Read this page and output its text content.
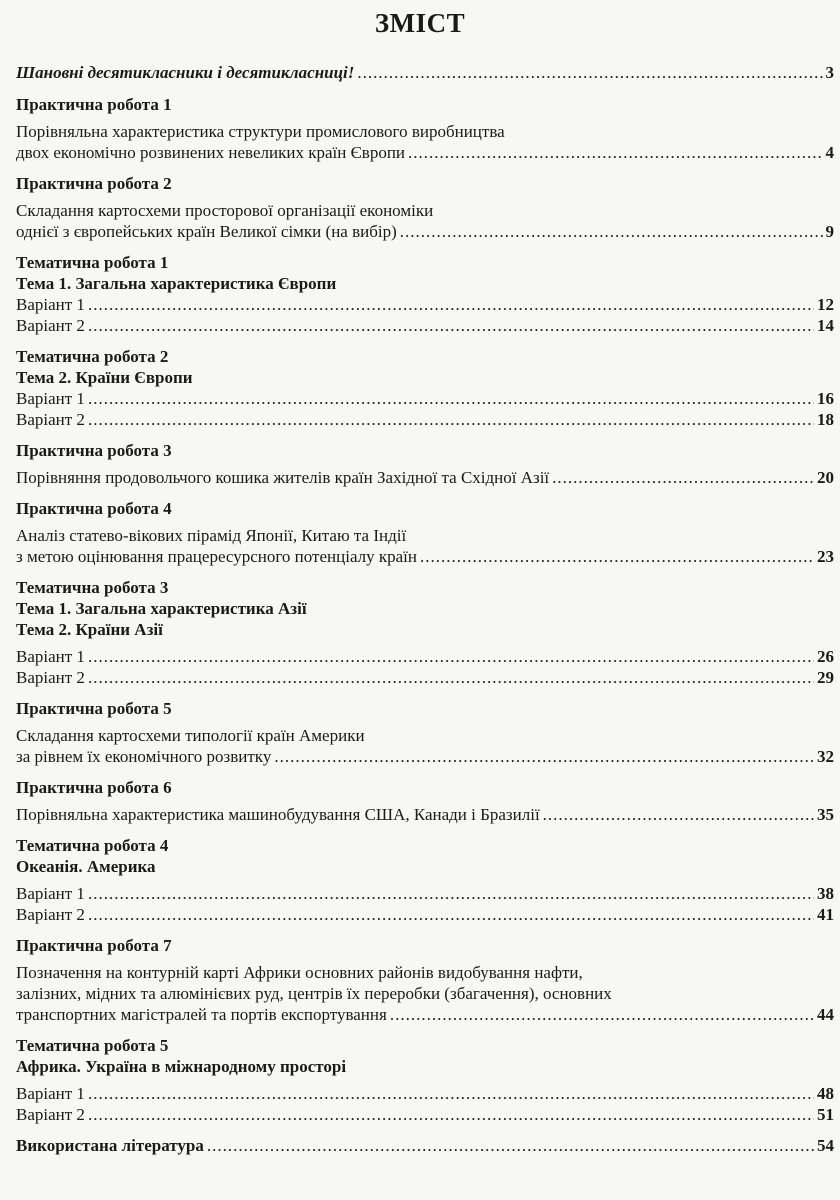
ЗМІСТ
Шановні десятикласники і десятикласниці! .....	3
Практична робота 1
Порівняльна характеристика структури промислового виробництва
двох економічно розвинених невеликих країн Європи .....	4
Практична робота 2
Складання картосхеми просторової організації економіки
однієї з європейських країн Великої сімки (на вибір) .....	9
Тематична робота 1
Тема 1. Загальна характеристика Європи
Варіант 1 .....	12
Варіант 2 .....	14
Тематична робота 2
Тема 2. Країни Європи
Варіант 1 .....	16
Варіант 2 .....	18
Практична робота 3
Порівняння продовольчого кошика жителів країн Західної та Східної Азії .....	20
Практична робота 4
Аналіз статево-вікових пірамід Японії, Китаю та Індії
з метою оцінювання працересурсного потенціалу країн .....	23
Тематична робота 3
Тема 1. Загальна характеристика Азії
Тема 2. Країни Азії
Варіант 1 .....	26
Варіант 2 .....	29
Практична робота 5
Складання картосхеми типології країн Америки
за рівнем їх економічного розвитку .....	32
Практична робота 6
Порівняльна характеристика машинобудування США, Канади і Бразилії .....	35
Тематична робота 4
Океанія. Америка
Варіант 1 .....	38
Варіант 2 .....	41
Практична робота 7
Позначення на контурній карті Африки основних районів видобування нафти,
залізних, мідних та алюмінієвих руд, центрів їх переробки (збагачення), основних
транспортних магістралей та портів експортування .....	44
Тематична робота 5
Африка. Україна в міжнародному просторі
Варіант 1 .....	48
Варіант 2 .....	51
Використана література .....	54
